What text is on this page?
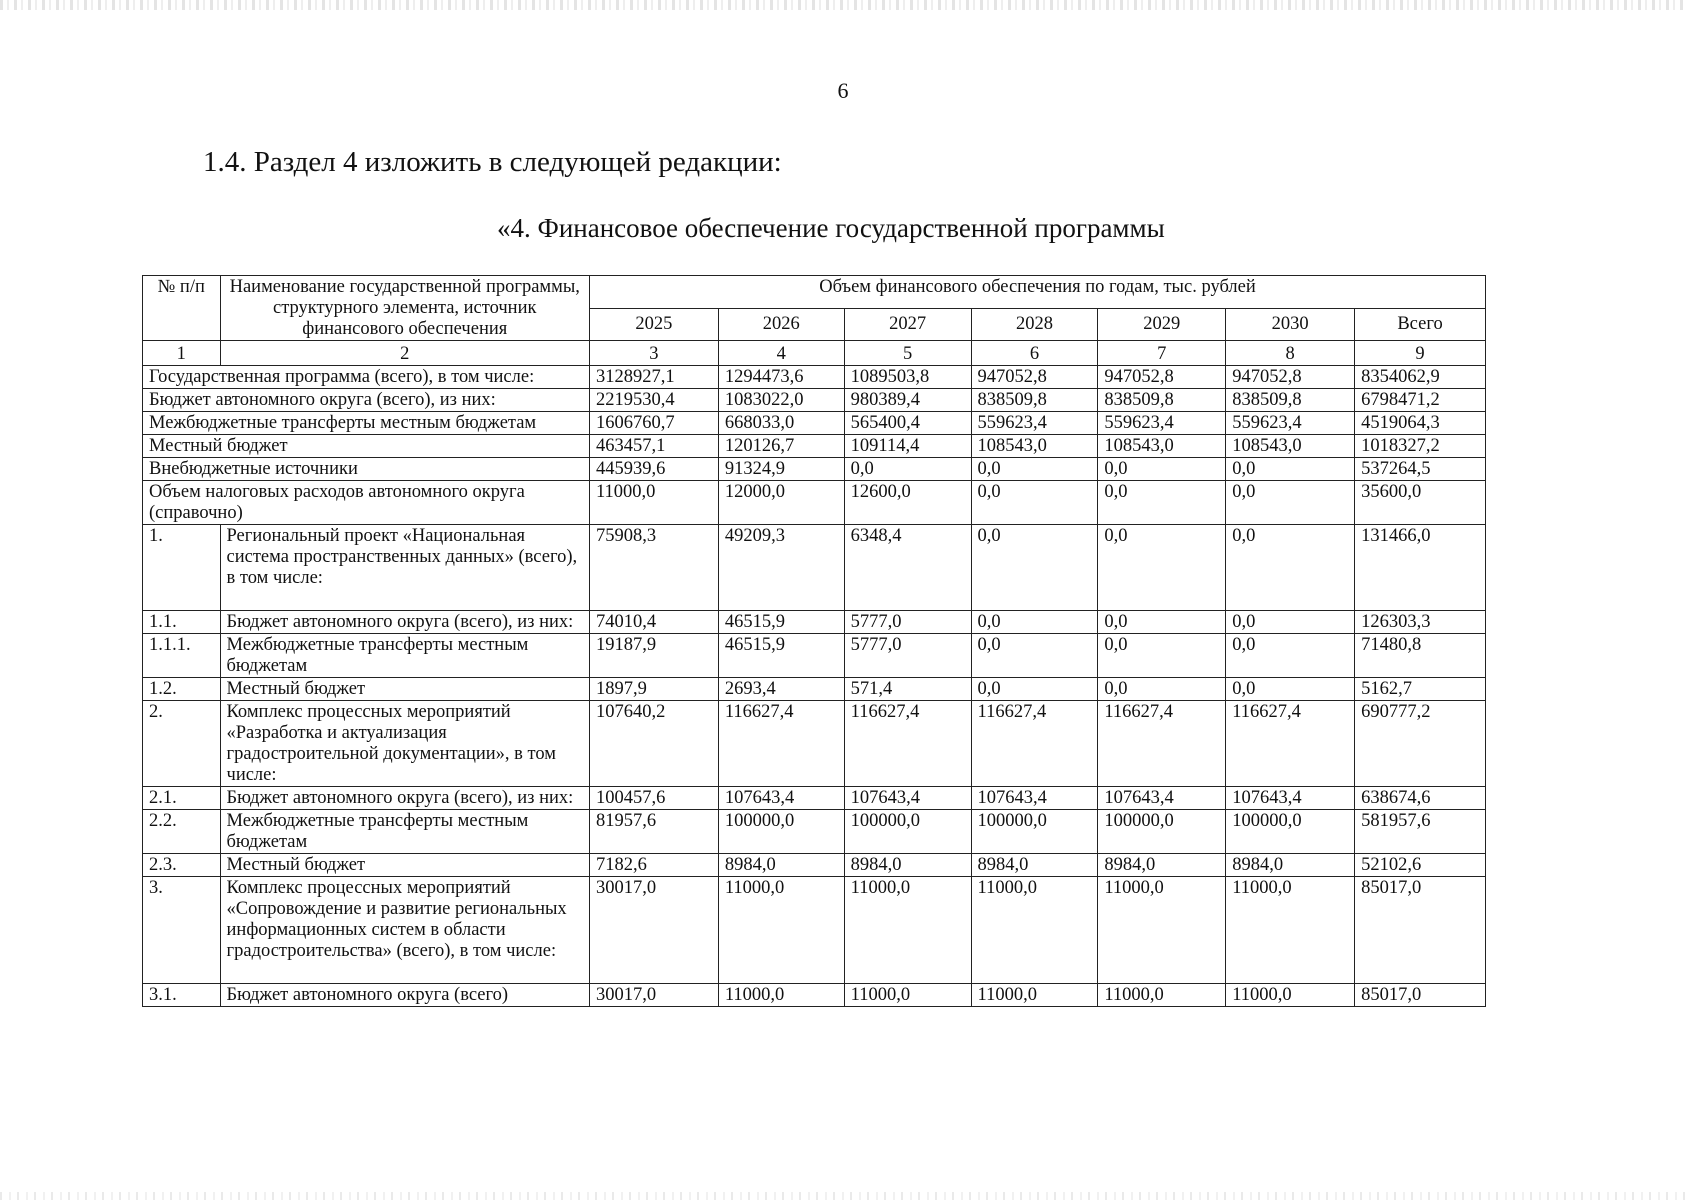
6
1.4. Раздел 4 изложить в следующей редакции:
«4. Финансовое обеспечение государственной программы
№ п/п	Наименование государственной программы, структурного элемента, источник финансового обеспечения	Объем финансового обеспечения по годам, тыс. рублей						
		2025	2026	2027	2028	2029	2030	Всего
1	2	3	4	5	6	7	8	9
Государственная программа (всего), в том числе:		3128927,1	1294473,6	1089503,8	947052,8	947052,8	947052,8	8354062,9
Бюджет автономного округа (всего), из них:		2219530,4	1083022,0	980389,4	838509,8	838509,8	838509,8	6798471,2
Межбюджетные трансферты местным бюджетам		1606760,7	668033,0	565400,4	559623,4	559623,4	559623,4	4519064,3
Местный бюджет		463457,1	120126,7	109114,4	108543,0	108543,0	108543,0	1018327,2
Внебюджетные источники		445939,6	91324,9	0,0	0,0	0,0	0,0	537264,5
Объем налоговых расходов автономного округа (справочно)		11000,0	12000,0	12600,0	0,0	0,0	0,0	35600,0
1.	Региональный проект «Национальная система пространственных данных» (всего), в том числе:	75908,3	49209,3	6348,4	0,0	0,0	0,0	131466,0
1.1.	Бюджет автономного округа (всего), из них:	74010,4	46515,9	5777,0	0,0	0,0	0,0	126303,3
1.1.1.	Межбюджетные трансферты местным бюджетам	19187,9	46515,9	5777,0	0,0	0,0	0,0	71480,8
1.2.	Местный бюджет	1897,9	2693,4	571,4	0,0	0,0	0,0	5162,7
2.	Комплекс процессных мероприятий «Разработка и актуализация градостроительной документации», в том числе:	107640,2	116627,4	116627,4	116627,4	116627,4	116627,4	690777,2
2.1.	Бюджет автономного округа (всего), из них:	100457,6	107643,4	107643,4	107643,4	107643,4	107643,4	638674,6
2.2.	Межбюджетные трансферты местным бюджетам	81957,6	100000,0	100000,0	100000,0	100000,0	100000,0	581957,6
2.3.	Местный бюджет	7182,6	8984,0	8984,0	8984,0	8984,0	8984,0	52102,6
3.	Комплекс процессных мероприятий «Сопровождение и развитие региональных информационных систем в области градостроительства» (всего), в том числе:	30017,0	11000,0	11000,0	11000,0	11000,0	11000,0	85017,0
3.1.	Бюджет автономного округа (всего)	30017,0	11000,0	11000,0	11000,0	11000,0	11000,0	85017,0
